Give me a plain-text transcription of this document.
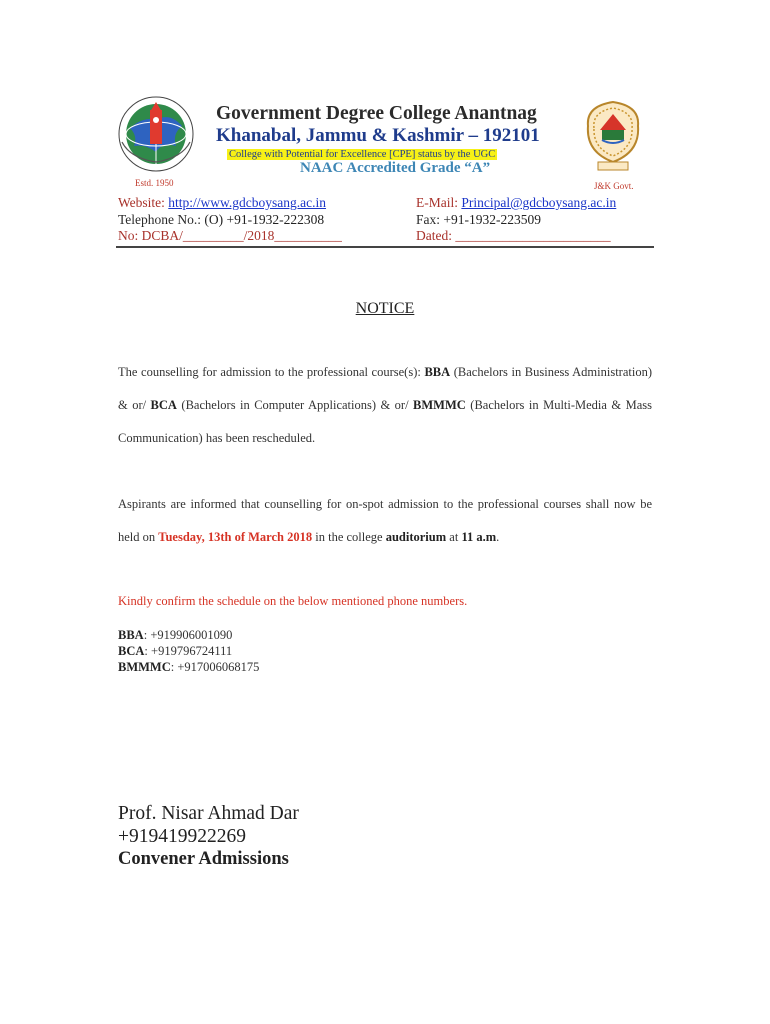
Government Degree College Anantnag
Khanabal, Jammu & Kashmir – 192101
College with Potential for Excellence [CPE] status by the UGC
NAAC Accredited Grade “A”
Estd. 1950	J&K Govt.
Website: http://www.gdcboysang.ac.in
Telephone No.: (O) +91-1932-222308
No: DCBA/_________/2018__________
E-Mail: Principal@gdcboysang.ac.in
Fax: +91-1932-223509
Dated: _______________________
NOTICE
The counselling for admission to the professional course(s): BBA (Bachelors in Business Administration) & or/ BCA (Bachelors in Computer Applications) & or/ BMMMC (Bachelors in Multi-Media & Mass Communication) has been rescheduled.
Aspirants are informed that counselling for on-spot admission to the professional courses shall now be held on Tuesday, 13th of March 2018 in the college auditorium at 11 a.m.
Kindly confirm the schedule on the below mentioned phone numbers.
BBA: +919906001090
BCA: +919796724111
BMMMC: +917006068175
Prof. Nisar Ahmad Dar
+919419922269
Convener Admissions
